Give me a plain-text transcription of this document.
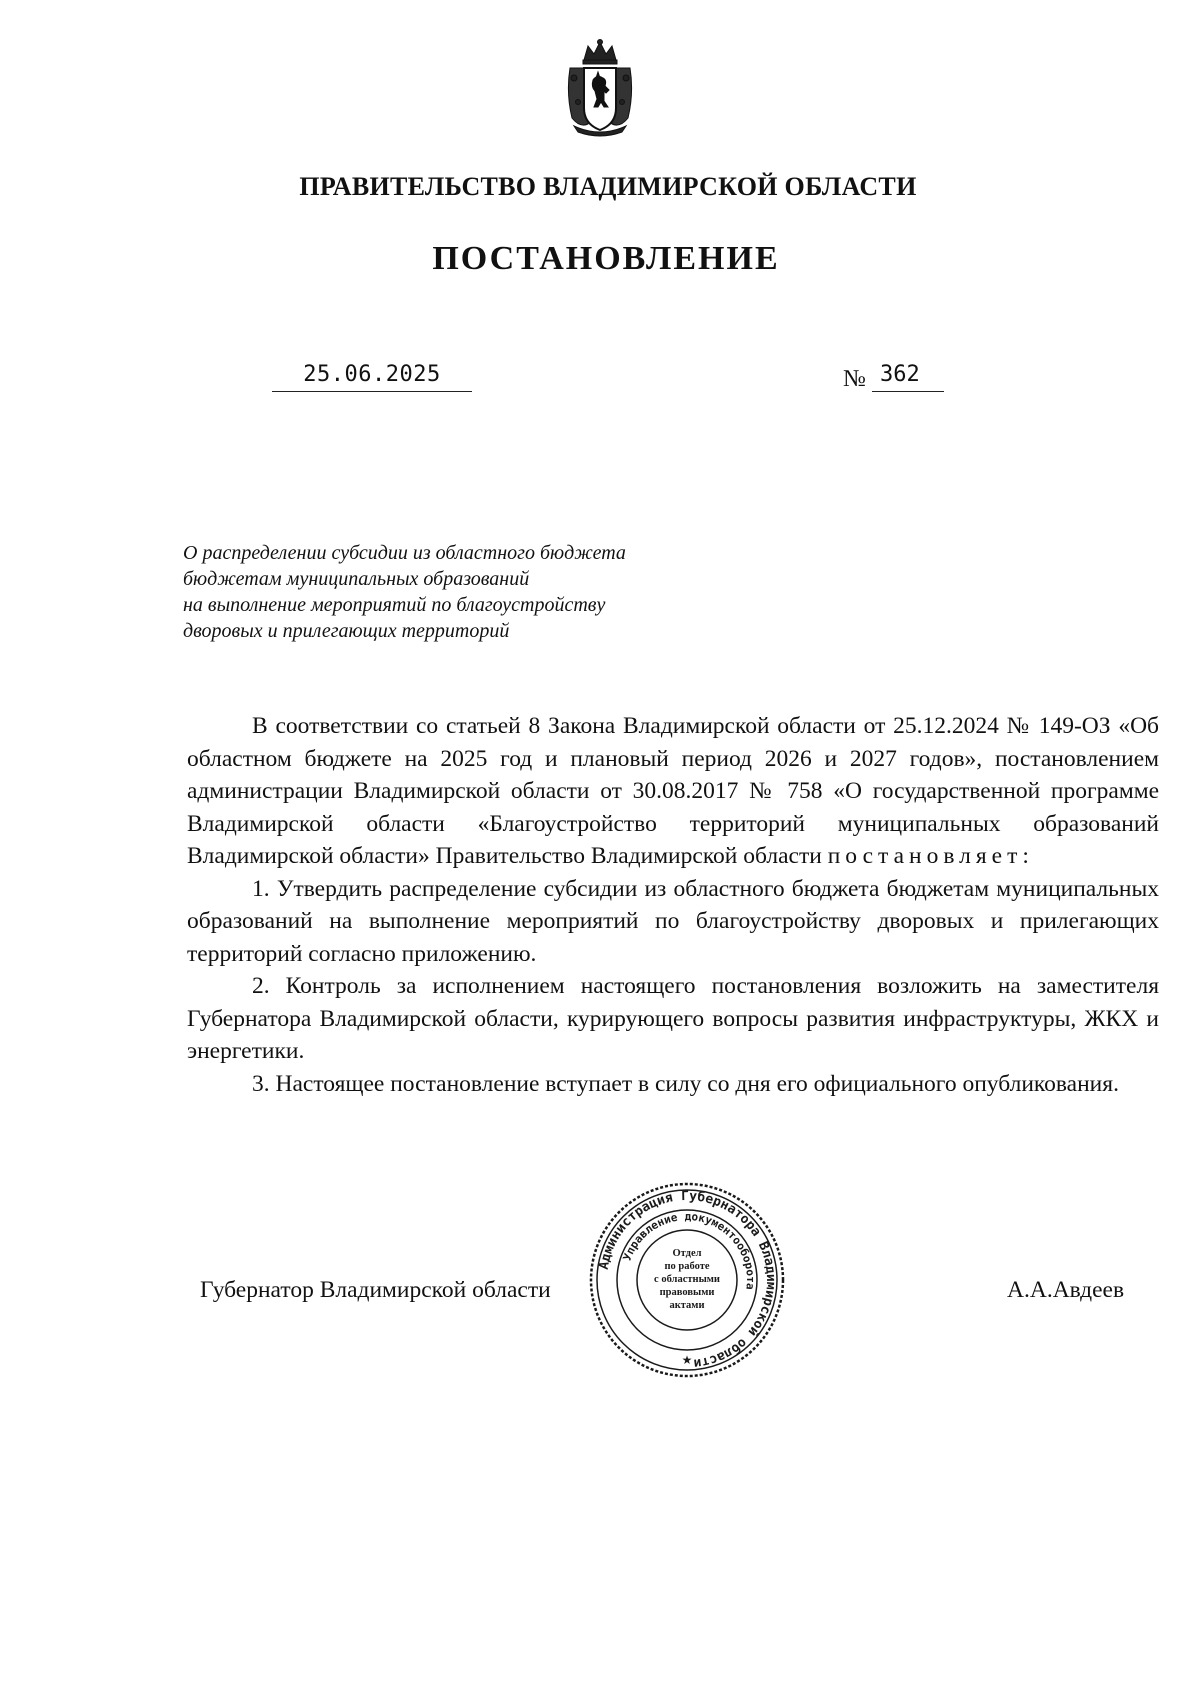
ПРАВИТЕЛЬСТВО ВЛАДИМИРСКОЙ ОБЛАСТИ
ПОСТАНОВЛЕНИЕ
25.06.2025	№ 362
О распределении субсидии из областного бюджета
бюджетам муниципальных образований
на выполнение мероприятий по благоустройству
дворовых и прилегающих территорий

В соответствии со статьей 8 Закона Владимирской области от 25.12.2024 № 149-ОЗ «Об областном бюджете на 2025 год и плановый период 2026 и 2027 годов», постановлением администрации Владимирской области от 30.08.2017 № 758 «О государственной программе Владимирской области «Благоустройство территорий муниципальных образований Владимирской области» Правительство Владимирской области постановляет:

1. Утвердить распределение субсидии из областного бюджета бюджетам муниципальных образований на выполнение мероприятий по благоустройству дворовых и прилегающих территорий согласно приложению.

2. Контроль за исполнением настоящего постановления возложить на заместителя Губернатора Владимирской области, курирующего вопросы развития инфраструктуры, ЖКХ и энергетики.

3. Настоящее постановление вступает в силу со дня его официального опубликования.

Губернатор Владимирской области	А.А.Авдеев
Администрация Губернатора Владимирской области
Управление документооборота
Отдел
по работе
с областными
правовыми
актами
★
